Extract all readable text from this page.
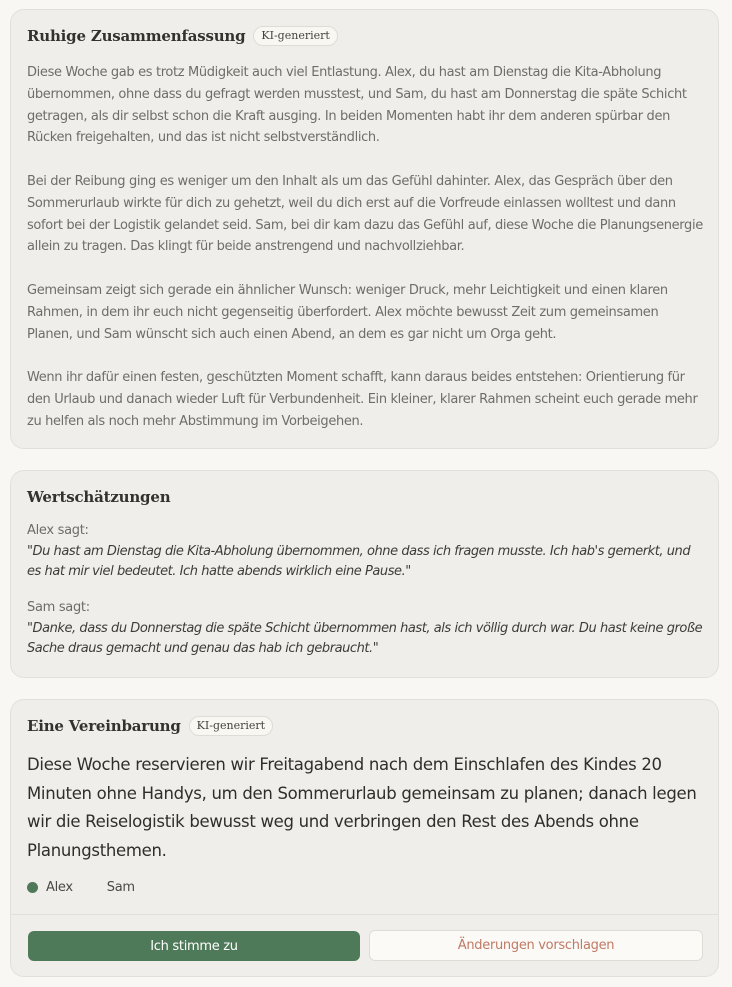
Ruhige Zusammenfassung	KI-generiert

Diese Woche gab es trotz Müdigkeit auch viel Entlastung. Alex, du hast am Dienstag die Kita-Abholung übernommen, ohne dass du gefragt werden musstest, und Sam, du hast am Donnerstag die späte Schicht getragen, als dir selbst schon die Kraft ausging. In beiden Momenten habt ihr dem anderen spürbar den Rücken freigehalten, und das ist nicht selbstverständlich.

Bei der Reibung ging es weniger um den Inhalt als um das Gefühl dahinter. Alex, das Gespräch über den Sommerurlaub wirkte für dich zu gehetzt, weil du dich erst auf die Vorfreude einlassen wolltest und dann sofort bei der Logistik gelandet seid. Sam, bei dir kam dazu das Gefühl auf, diese Woche die Planungsenergie allein zu tragen. Das klingt für beide anstrengend und nachvollziehbar.

Gemeinsam zeigt sich gerade ein ähnlicher Wunsch: weniger Druck, mehr Leichtigkeit und einen klaren Rahmen, in dem ihr euch nicht gegenseitig überfordert. Alex möchte bewusst Zeit zum gemeinsamen Planen, und Sam wünscht sich auch einen Abend, an dem es gar nicht um Orga geht.

Wenn ihr dafür einen festen, geschützten Moment schafft, kann daraus beides entstehen: Orientierung für den Urlaub und danach wieder Luft für Verbundenheit. Ein kleiner, klarer Rahmen scheint euch gerade mehr zu helfen als noch mehr Abstimmung im Vorbeigehen.

Wertschätzungen
Alex sagt:
"Du hast am Dienstag die Kita-Abholung übernommen, ohne dass ich fragen musste. Ich hab's gemerkt, und es hat mir viel bedeutet. Ich hatte abends wirklich eine Pause."
Sam sagt:
"Danke, dass du Donnerstag die späte Schicht übernommen hast, als ich völlig durch war. Du hast keine große Sache draus gemacht und genau das hab ich gebraucht."
Eine Vereinbarung	KI-generiert
Diese Woche reservieren wir Freitagabend nach dem Einschlafen des Kindes 20 Minuten ohne Handys, um den Sommerurlaub gemeinsam zu planen; danach legen wir die Reiselogistik bewusst weg und verbringen den Rest des Abends ohne Planungsthemen.
Alex	Sam
Ich stimme zu	Änderungen vorschlagen
